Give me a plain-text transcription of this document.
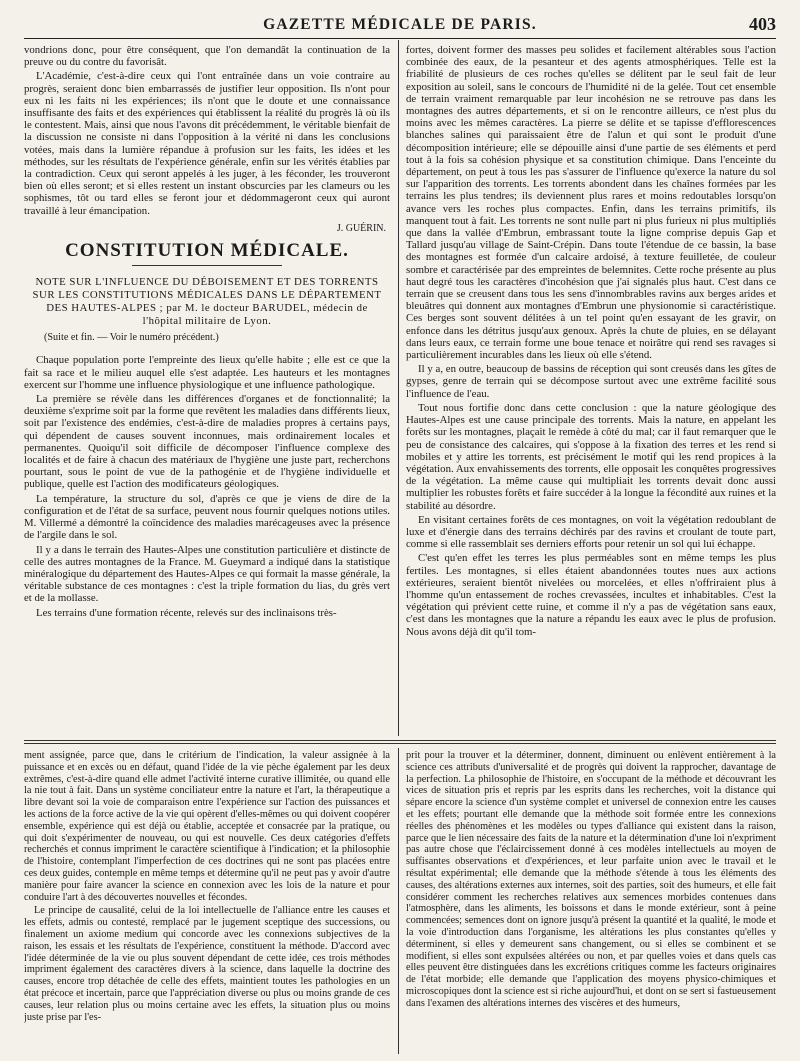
GAZETTE MÉDICALE DE PARIS.	403

vondrions donc, pour être conséquent, que l'on demandât la continuation de la preuve ou du contre du favorisât.

L'Académie, c'est-à-dire ceux qui l'ont entraînée dans un voie contraire au progrès, seraient donc bien embarrassés de justifier leur opposition. Ils n'ont pour eux ni les faits ni les expériences; ils n'ont que le doute et une connaissance insuffisante des faits et des expériences qui établissent la réalité du progrès là où ils le contestent. Mais, ainsi que nous l'avons dit précédemment, le véritable bienfait de la discussion ne consiste ni dans l'opposition à la vérité ni dans les conclusions votées, mais dans la lumière répandue à profusion sur les faits, les idées et les méthodes, sur les résultats de l'expérience générale, enfin sur les vérités établies par la contradiction. Ceux qui seront appelés à les juger, à les féconder, les trouveront bien où elles seront; et si elles restent un instant obscurcies par les clameurs ou les sophismes, tôt ou tard elles se feront jour et dédommageront ceux qui auront travaillé à leur émancipation.

J. GUÉRIN.
CONSTITUTION MÉDICALE.
NOTE SUR L'INFLUENCE DU DÉBOISEMENT ET DES TORRENTS SUR LES CONSTITUTIONS MÉDICALES DANS LE DÉPARTEMENT DES HAUTES-ALPES ; par M. le docteur BARUDEL, médecin de l'hôpital militaire de Lyon.
(Suite et fin. — Voir le numéro précédent.)

Chaque population porte l'empreinte des lieux qu'elle habite ; elle est ce que la fait sa race et le milieu auquel elle s'est adaptée. Les hauteurs et les montagnes exercent sur l'homme une influence physiologique et une influence pathologique.

La première se révèle dans les différences d'organes et de fonctionnalité; la deuxième s'exprime soit par la forme que revêtent les maladies dans différents lieux, soit par l'existence des endémies, c'est-à-dire de maladies propres à certains pays, qui dépendent de causes souvent inconnues, mais ordinairement locales et permanentes. Quoiqu'il soit difficile de décomposer l'influence complexe des localités et de faire à chacun des matériaux de l'hygiène une juste part, recherchons pourtant, sous le point de vue de la pathogénie et de l'hygiène individuelle et publique, quelle est l'action des modificateurs géologiques.

La température, la structure du sol, d'après ce que je viens de dire de la configuration et de l'état de sa surface, peuvent nous fournir quelques notions utiles. M. Villermé a démontré la coïncidence des maladies marécageuses avec la présence de l'argile dans le sol.

Il y a dans le terrain des Hautes-Alpes une constitution particulière et distincte de celle des autres montagnes de la France. M. Gueymard a indiqué dans la statistique minéralogique du département des Hautes-Alpes ce qui formait la masse générale, la véritable substance de ces montagnes : c'est la triple formation du lias, du grès vert et de la mollasse.

Les terrains d'une formation récente, relevés sur des inclinaisons très-

fortes, doivent former des masses peu solides et facilement altérables sous l'action combinée des eaux, de la pesanteur et des agents atmosphériques. Telle est la friabilité de plusieurs de ces roches qu'elles se délitent par le seul fait de leur exposition au soleil, sans le concours de l'humidité ni de la gelée. Tout cet ensemble de terrain vraiment remarquable par leur incohésion ne se retrouve pas dans les montagnes des autres départements, et si on le rencontre ailleurs, ce n'est plus du moins avec les mêmes caractères. La pierre se délite et se tapisse d'efflorescences blanches salines qui paraissaient être de l'alun et qui sont le produit d'une décomposition intérieure; elle se dépouille ainsi d'une partie de ses éléments et perd tout à la fois sa cohésion physique et sa constitution chimique. Dans l'enceinte du département, on peut à tous les pas s'assurer de l'influence qu'exerce la nature du sol sur l'apparition des torrents. Les torrents abondent dans les chaînes formées par les terrains les plus tendres; ils deviennent plus rares et moins redoutables lorsqu'on avance vers les roches plus compactes. Enfin, dans les terrains primitifs, ils manquent tout à fait. Les torrents ne sont nulle part ni plus furieux ni plus multipliés que dans la vallée d'Embrun, embrassant toute la ligne comprise depuis Gap et Tallard jusqu'au village de Saint-Crépin. Dans toute l'étendue de ce bassin, la base des montagnes est formée d'un calcaire ardoisé, à texture feuilletée, de couleur sombre et caractérisée par des empreintes de belemnites. Cette roche présente au plus haut degré tous les caractères d'incohésion que j'ai signalés plus haut. C'est dans ce terrain que se creusent dans tous les sens d'innombrables ravins aux berges arides et bleuâtres qui donnent aux montagnes d'Embrun une physionomie si caractéristique. Ces berges sont souvent délitées à un tel point qu'en essayant de les gravir, on enfonce dans les détritus jusqu'aux genoux. Après la chute de pluies, en se délayant dans leurs eaux, ce terrain forme une boue tenace et noirâtre qui rend ses ravages si particulièrement incurables dans les lieux où elle s'étend.

Il y a, en outre, beaucoup de bassins de réception qui sont creusés dans les gîtes de gypses, genre de terrain qui se décompose surtout avec une extrême facilité sous l'influence de l'eau.

Tout nous fortifie donc dans cette conclusion : que la nature géologique des Hautes-Alpes est une cause principale des torrents. Mais la nature, en appelant les forêts sur les montagnes, plaçait le remède à côté du mal; car il faut remarquer que le peu de consistance des calcaires, qui s'oppose à la fixation des terres et les rend si mobiles et y attire les torrents, est précisément le motif qui les rend propices à la végétation. Aux envahissements des torrents, elle opposait les conquêtes progressives de la végétation. La même cause qui multipliait les torrents devait donc aussi multiplier les robustes forêts et faire succéder à la longue la fécondité aux ruines et la stabilité au désordre.

En visitant certaines forêts de ces montagnes, on voit la végétation redoublant de luxe et d'énergie dans des terrains déchirés par des ravins et croulant de toute part, comme si elle rassemblait ses derniers efforts pour retenir un sol qui lui échappe.

C'est qu'en effet les terres les plus perméables sont en même temps les plus fertiles. Les montagnes, si elles étaient abandonnées toutes nues aux actions extérieures, seraient bientôt nivelées ou morcelées, et elles n'offriraient plus à l'homme qu'un entassement de roches crevassées, incultes et inhabitables. C'est la végétation qui prévient cette ruine, et comme il n'y a pas de végétation sans eaux, c'est dans les montagnes que la nature a répandu les eaux avec le plus de profusion. Nous avons déjà dit qu'il tom-

ment assignée, parce que, dans le critérium de l'indication, la valeur assignée à la puissance et en excès ou en défaut, quand l'idée de la vie pèche également par les deux extrêmes, c'est-à-dire quand elle admet l'activité interne curative illimitée, ou quand elle la nie tout à fait. Dans un système conciliateur entre la nature et l'art, la thérapeutique a libre devant soi la voie de comparaison entre l'expérience sur l'action des puissances et les actions de la force active de la vie qui opèrent d'elles-mêmes ou qui doivent coopérer ensemble, expérience qui est déjà ou établie, acceptée et consacrée par la pratique, ou qui doit s'expérimenter de nouveau, ou qui est nouvelle. Ces deux catégories d'effets recherchés et connus impriment le caractère scientifique à l'indication; et la philosophie de l'histoire, contemplant l'imperfection de ces doctrines qui ne sont pas placées entre ces deux guides, contemple en même temps et détermine qu'il ne peut pas y avoir d'autre manière pour faire avancer la science en connexion avec les lois de la nature et pour conduire l'art à des découvertes nouvelles et fécondes.

Le principe de causalité, celui de la loi intellectuelle de l'alliance entre les causes et les effets, admis ou contesté, remplacé par le jugement sceptique des successions, ou finalement un axiome medium qui concorde avec les connexions subjectives de la raison, les essais et les résultats de l'expérience, constituent la méthode. D'accord avec l'idée déterminée de la vie ou plus souvent dépendant de cette idée, ces trois méthodes impriment également des caractères divers à la science, dans laquelle la doctrine des causes, encore trop détachée de celle des effets, maintient toutes les pathologies en un état précoce et incertain, parce que l'appréciation diverse ou plus ou moins grande de ces causes, leur relation plus ou moins certaine avec les effets, la situation plus ou moins juste prise par l'es-

prit pour la trouver et la déterminer, donnent, diminuent ou enlèvent entièrement à la science ces attributs d'universalité et de progrès qui doivent la rapprocher, davantage de la perfection. La philosophie de l'histoire, en s'occupant de la méthode et découvrant les vices de situation pris et repris par les esprits dans les recherches, voit la distance qui sépare encore la science d'un système complet et universel de connexion entre les causes et les effets; pourtant elle demande que la méthode soit formée entre les connexions réelles des phénomènes et les modèles ou types d'alliance qui existent dans la raison, parce que le lien nécessaire des faits de la nature et la détermination d'une loi n'expriment pas autre chose que l'éclaircissement donné à ces modèles intellectuels au moyen de suffisantes observations et d'expériences, et leur parfaite union avec le travail et le résultat expérimental; elle demande que la méthode s'étende à tous les éléments des causes, des altérations externes aux internes, soit des parties, soit des humeurs, et elle fait considérer comment les recherches relatives aux semences morbides contenues dans l'atmosphère, dans les aliments, les boissons et dans le monde extérieur, sont à peine commencées; semences dont on ignore jusqu'à présent la quantité et la qualité, le mode et la voie d'introduction dans l'organisme, les altérations les plus constantes qu'elles y déterminent, si elles y demeurent sans changement, ou si elles se combinent et se modifient, si elles sont expulsées altérées ou non, et par quelles voies et dans quels cas elles peuvent être distinguées dans les excrétions critiques comme les facteurs originaires de l'état morbide; elle demande que l'application des moyens physico-chimiques et microscopiques dont la science est si riche aujourd'hui, et dont on se sert si fastueusement dans l'examen des altérations internes des viscères et des humeurs,
